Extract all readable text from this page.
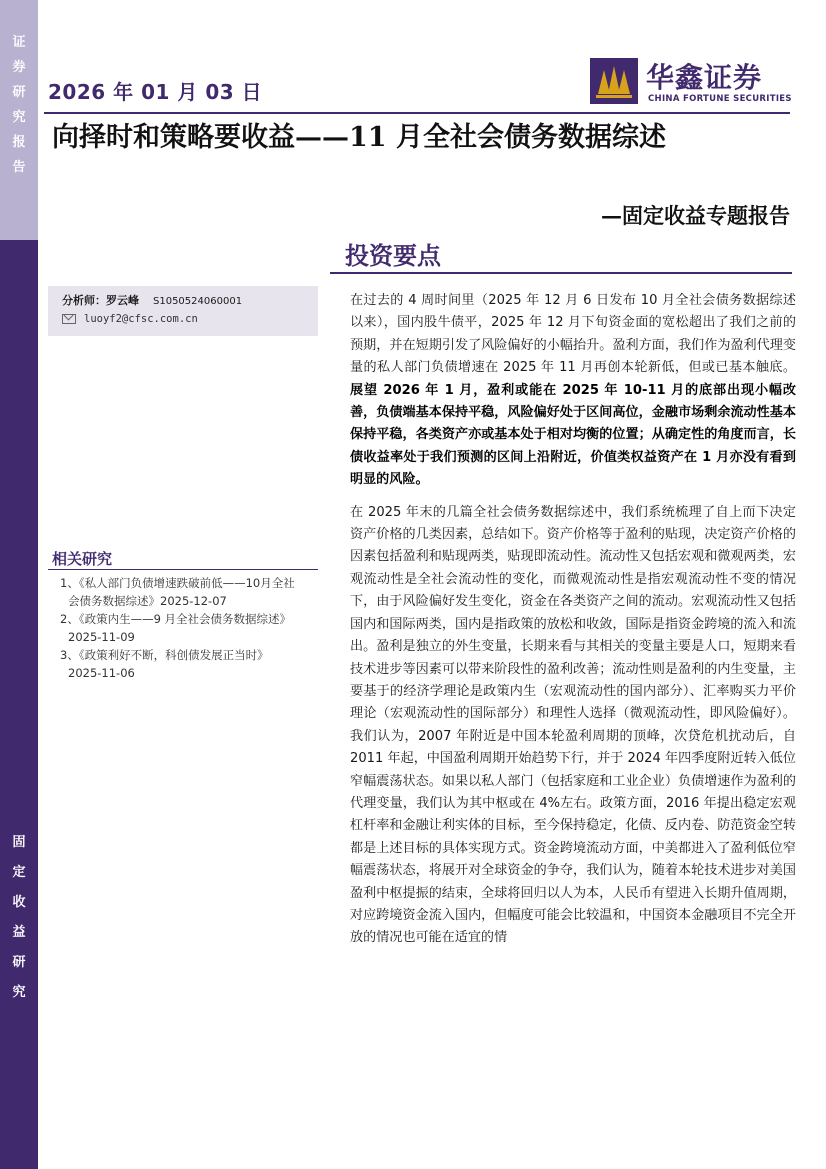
证
券
研
究
报
告
固
定
收
益
研
究
2026 年 01 月 03 日	华鑫证券
CHINA FORTUNE SECURITIES
向择时和策略要收益——11 月全社会债务数据综述
—固定收益专题报告
投资要点
分析师：罗云峰 S1050524060001
luoyf2@cfsc.com.cn
相关研究
1、《私人部门负债增速跌破前低——10月全社会债务数据综述》2025-12-07
2、《政策内生——9 月全社会债务数据综述》2025-11-09
3、《政策利好不断，科创债发展正当时》2025-11-06

在过去的 4 周时间里（2025 年 12 月 6 日发布 10 月全社会债务数据综述以来），国内股牛债平，2025 年 12 月下旬资金面的宽松超出了我们之前的预期，并在短期引发了风险偏好的小幅抬升。盈利方面，我们作为盈利代理变量的私人部门负债增速在 2025 年 11 月再创本轮新低，但或已基本触底。展望 2026 年 1 月，盈利或能在 2025 年 10-11 月的底部出现小幅改善，负债端基本保持平稳，风险偏好处于区间高位，金融市场剩余流动性基本保持平稳，各类资产亦或基本处于相对均衡的位置；从确定性的角度而言，长债收益率处于我们预测的区间上沿附近，价值类权益资产在 1 月亦没有看到明显的风险。

在 2025 年末的几篇全社会债务数据综述中，我们系统梳理了自上而下决定资产价格的几类因素，总结如下。资产价格等于盈利的贴现，决定资产价格的因素包括盈利和贴现两类，贴现即流动性。流动性又包括宏观和微观两类，宏观流动性是全社会流动性的变化，而微观流动性是指宏观流动性不变的情况下，由于风险偏好发生变化，资金在各类资产之间的流动。宏观流动性又包括国内和国际两类，国内是指政策的放松和收敛，国际是指资金跨境的流入和流出。盈利是独立的外生变量，长期来看与其相关的变量主要是人口，短期来看技术进步等因素可以带来阶段性的盈利改善；流动性则是盈利的内生变量，主要基于的经济学理论是政策内生（宏观流动性的国内部分）、汇率购买力平价理论（宏观流动性的国际部分）和理性人选择（微观流动性，即风险偏好）。我们认为，2007 年附近是中国本轮盈利周期的顶峰，次贷危机扰动后，自 2011 年起，中国盈利周期开始趋势下行，并于 2024 年四季度附近转入低位窄幅震荡状态。如果以私人部门（包括家庭和工业企业）负债增速作为盈利的代理变量，我们认为其中枢或在 4%左右。政策方面，2016 年提出稳定宏观杠杆率和金融让利实体的目标，至今保持稳定，化债、反内卷、防范资金空转都是上述目标的具体实现方式。资金跨境流动方面，中美都进入了盈利低位窄幅震荡状态，将展开对全球资金的争夺，我们认为，随着本轮技术进步对美国盈利中枢提振的结束，全球将回归以人为本，人民币有望进入长期升值周期，对应跨境资金流入国内，但幅度可能会比较温和，中国资本金融项目不完全开放的情况也可能在适宜的情
